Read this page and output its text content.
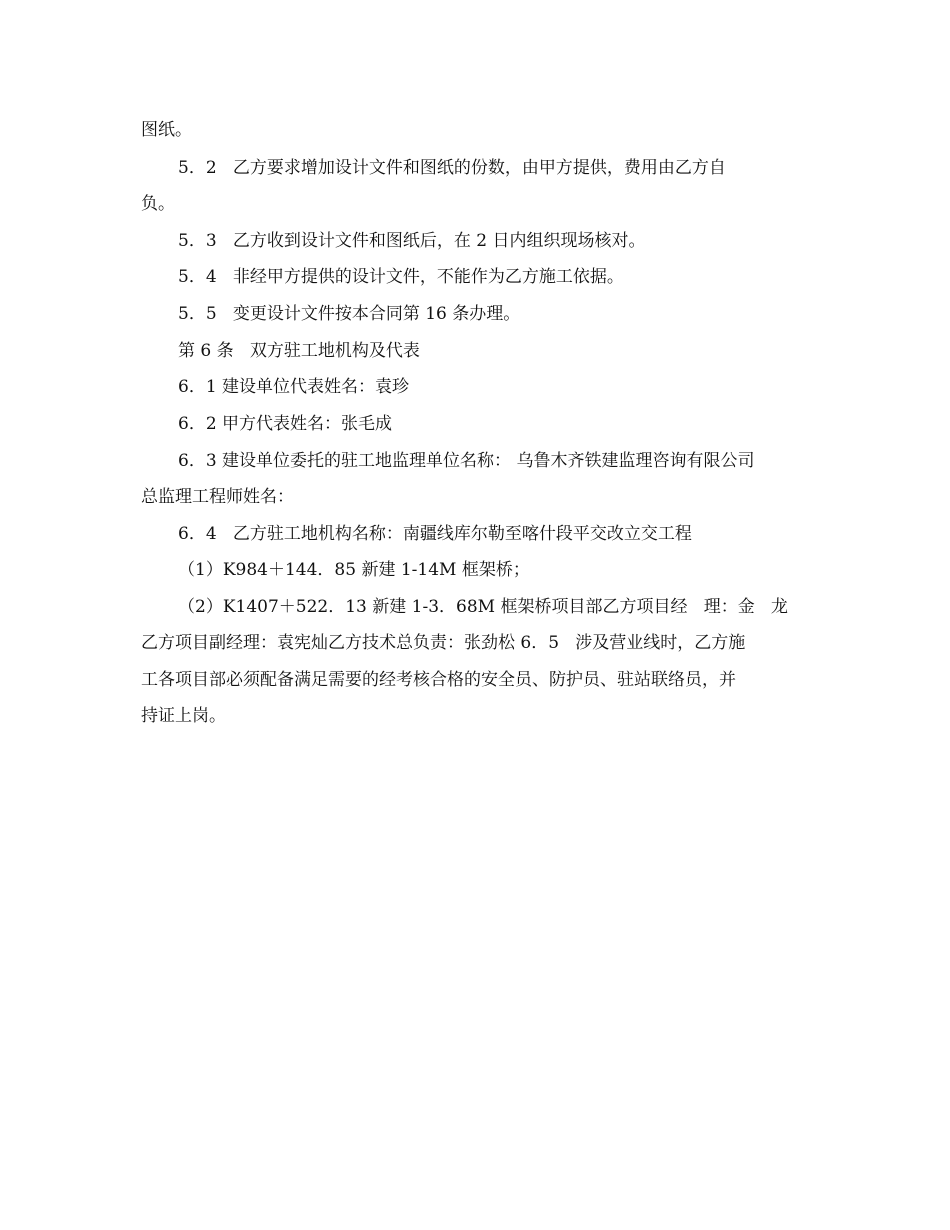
图纸。
5．2   乙方要求增加设计文件和图纸的份数，由甲方提供，费用由乙方自
负。
5．3   乙方收到设计文件和图纸后，在 2 日内组织现场核对。
5．4   非经甲方提供的设计文件，不能作为乙方施工依据。
5．5   变更设计文件按本合同第 16 条办理。
第 6 条   双方驻工地机构及代表
6．1 建设单位代表姓名：袁珍
6．2 甲方代表姓名：张毛成
6．3 建设单位委托的驻工地监理单位名称： 乌鲁木齐铁建监理咨询有限公司
总监理工程师姓名：
6．4   乙方驻工地机构名称：南疆线库尔勒至喀什段平交改立交工程
（1）K984＋144．85 新建 1-14M 框架桥；
（2）K1407＋522．13 新建 1-3．68M 框架桥项目部乙方项目经   理：金   龙
乙方项目副经理：袁宪灿乙方技术总负责：张劲松 6．5   涉及营业线时，乙方施
工各项目部必须配备满足需要的经考核合格的安全员、防护员、驻站联络员，并
持证上岗。
